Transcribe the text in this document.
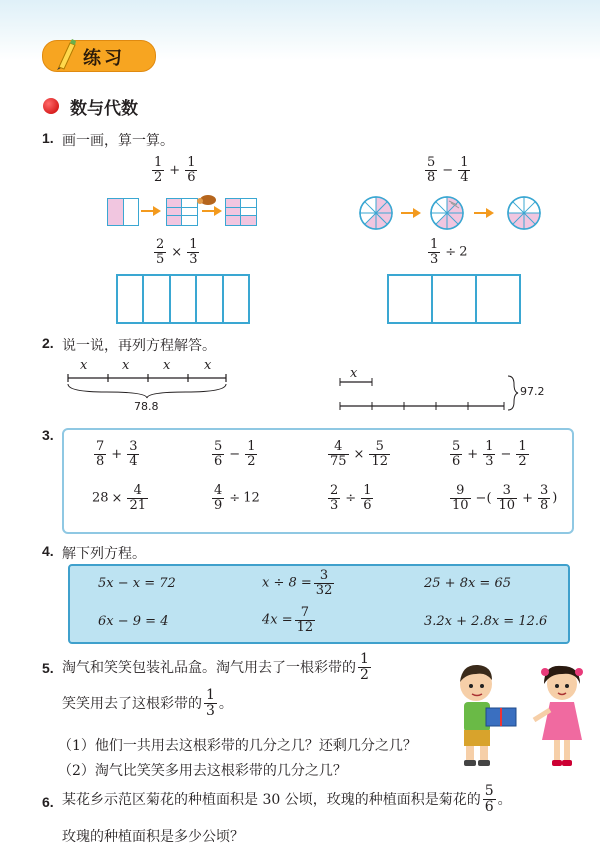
练习
数与代数
1. 画一画，算一算。
$\frac{1}{2} + \frac{1}{6}$
$\frac{2}{5} \times \frac{1}{3}$
$\frac{5}{8} - \frac{1}{4}$
$\frac{1}{3} \div 2$
2. 说一说，再列方程解答。
x	x	x	x
78.8
x
97.2
3.
$\frac{7}{8} + \frac{3}{4}$	$\frac{5}{6} - \frac{1}{2}$	$\frac{4}{75} \times \frac{5}{12}$	$\frac{5}{6} + \frac{1}{3} - \frac{1}{2}$
$28 \times \frac{4}{21}$	$\frac{4}{9} \div 12$	$\frac{2}{3} \div \frac{1}{6}$	$\frac{9}{10}$ −( $\frac{3}{10} + \frac{3}{8}$ )
4. 解下列方程。
5x − x = 72	$x \div 8 = \frac{3}{32}$	25 + 8x = 65
6x − 9 = 4	$4x = \frac{7}{12}$	3.2x + 2.8x = 12.6
5. 淘气和笑笑包装礼品盒。淘气用去了一根彩带的
1
2
笑笑用去了这根彩带的
1
3 。
（1）他们一共用去这根彩带的几分之几？还剩几分之几？
（2）淘气比笑笑多用去这根彩带的几分之几？
6. 某花乡示范区菊花的种植面积是 30 公顷，玫瑰的种植面积是菊花的
5
6 。
玫瑰的种植面积是多少公顷？
